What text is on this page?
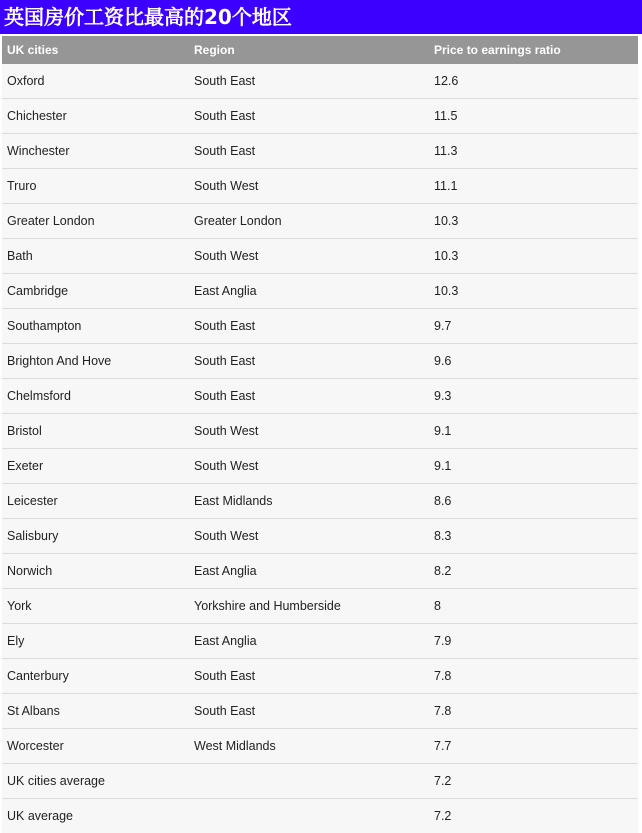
英国房价工资比最高的20个地区
UK cities	Region	Price to earnings ratio
Oxford	South East	12.6
Chichester	South East	11.5
Winchester	South East	11.3
Truro	South West	11.1
Greater London	Greater London	10.3
Bath	South West	10.3
Cambridge	East Anglia	10.3
Southampton	South East	9.7
Brighton And Hove	South East	9.6
Chelmsford	South East	9.3
Bristol	South West	9.1
Exeter	South West	9.1
Leicester	East Midlands	8.6
Salisbury	South West	8.3
Norwich	East Anglia	8.2
York	Yorkshire and Humberside	8
Ely	East Anglia	7.9
Canterbury	South East	7.8
St Albans	South East	7.8
Worcester	West Midlands	7.7
UK cities average		7.2
UK average		7.2
